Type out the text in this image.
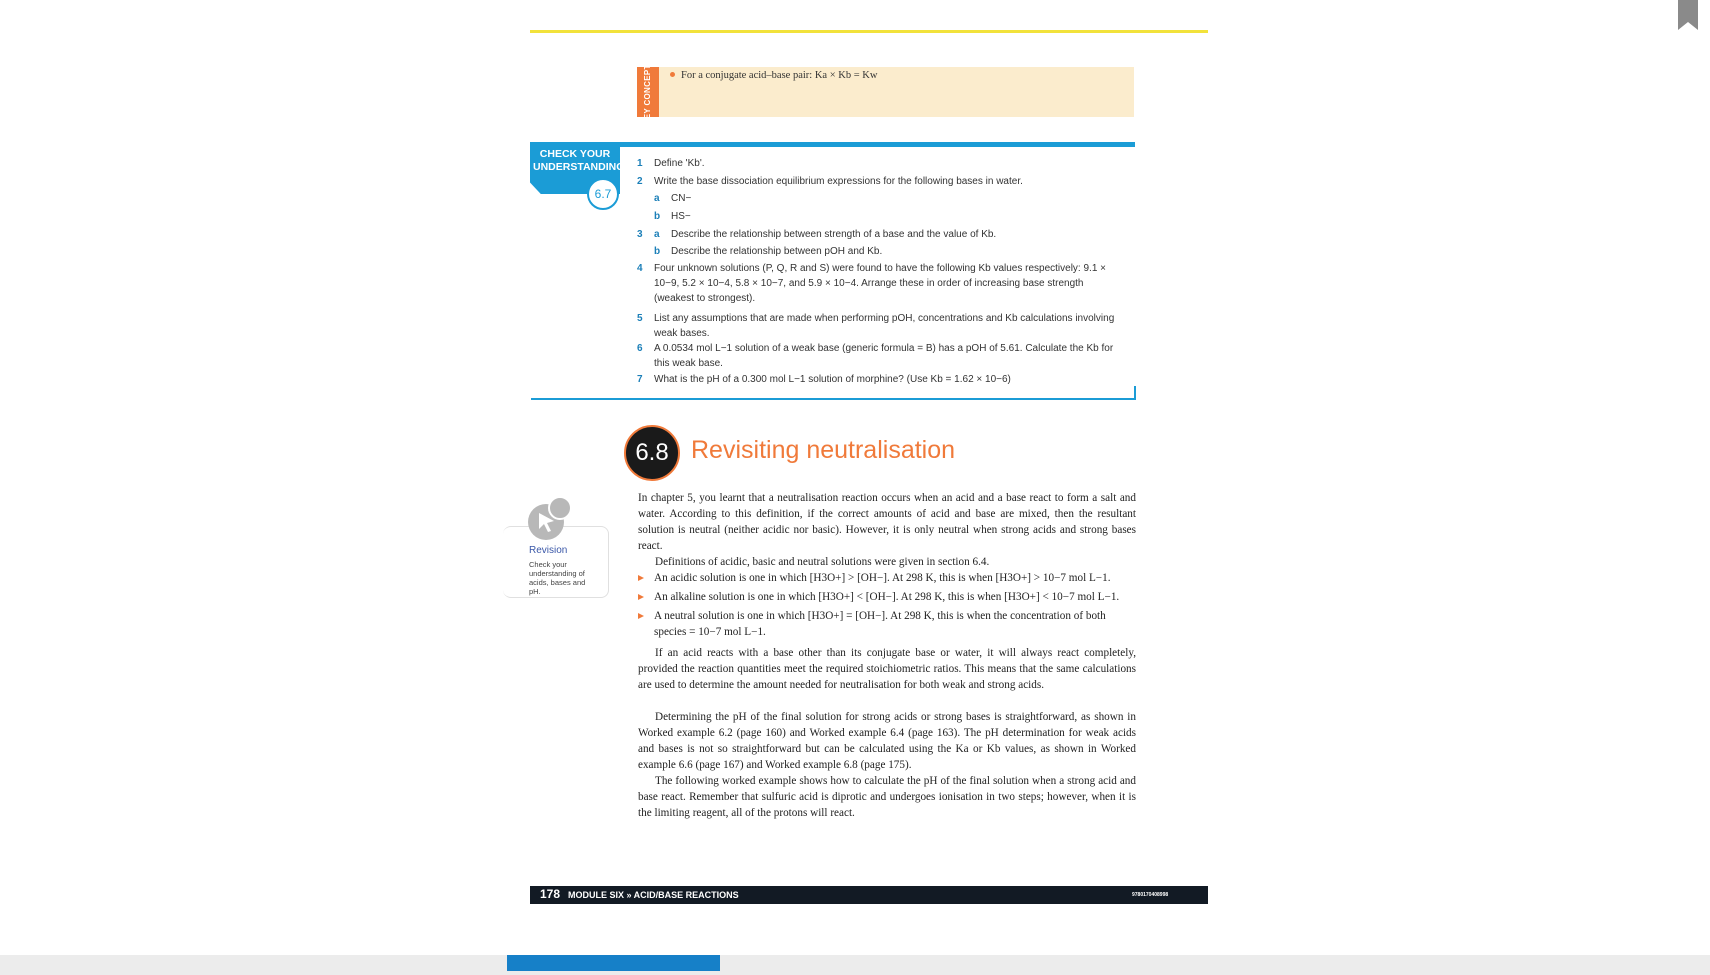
KEY CONCEPTS	For a conjugate acid–base pair: Ka × Kb = Kw
CHECK YOUR UNDERSTANDING
6.7
1 Define 'Kb'.
2 Write the base dissociation equilibrium expressions for the following bases in water.
a CN−
b HS−
3 a Describe the relationship between strength of a base and the value of Kb.
b Describe the relationship between pOH and Kb.
4 Four unknown solutions (P, Q, R and S) were found to have the following Kb values respectively: 9.1 × 10−9, 5.2 × 10−4, 5.8 × 10−7, and 5.9 × 10−4. Arrange these in order of increasing base strength (weakest to strongest).
5 List any assumptions that are made when performing pOH, concentrations and Kb calculations involving weak bases.
6 A 0.0534 mol L−1 solution of a weak base (generic formula = B) has a pOH of 5.61. Calculate the Kb for this weak base.
7 What is the pH of a 0.300 mol L−1 solution of morphine? (Use Kb = 1.62 × 10−6)
6.8 Revisiting neutralisation
Revision
Check your understanding of acids, bases and pH.
In chapter 5, you learnt that a neutralisation reaction occurs when an acid and a base react to form a salt and water. According to this definition, if the correct amounts of acid and base are mixed, then the resultant solution is neutral (neither acidic nor basic). However, it is only neutral when strong acids and strong bases react.
Definitions of acidic, basic and neutral solutions were given in section 6.4.
An acidic solution is one in which [H3O+] > [OH−]. At 298 K, this is when [H3O+] > 10−7 mol L−1.
An alkaline solution is one in which [H3O+] < [OH−]. At 298 K, this is when [H3O+] < 10−7 mol L−1.
A neutral solution is one in which [H3O+] = [OH−]. At 298 K, this is when the concentration of both species = 10−7 mol L−1.
If an acid reacts with a base other than its conjugate base or water, it will always react completely, provided the reaction quantities meet the required stoichiometric ratios. This means that the same calculations are used to determine the amount needed for neutralisation for both weak and strong acids.
Determining the pH of the final solution for strong acids or strong bases is straightforward, as shown in Worked example 6.2 (page 160) and Worked example 6.4 (page 163). The pH determination for weak acids and bases is not so straightforward but can be calculated using the Ka or Kb values, as shown in Worked example 6.6 (page 167) and Worked example 6.8 (page 175).
The following worked example shows how to calculate the pH of the final solution when a strong acid and base react. Remember that sulfuric acid is diprotic and undergoes ionisation in two steps; however, when it is the limiting reagent, all of the protons will react.
178 MODULE SIX » ACID/BASE REACTIONS	9780170408998
